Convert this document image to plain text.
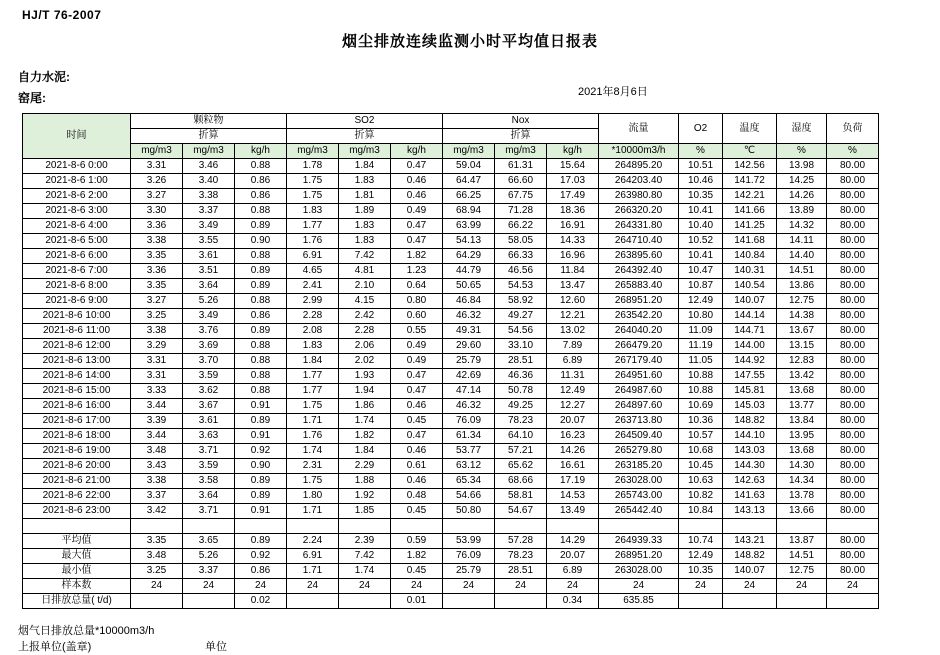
HJ/T 76-2007
烟尘排放连续监测小时平均值日报表
自力水泥:
窑尾:	2021年8月6日
时间	颗粒物			SO2			Nox			流量	O2	温度	湿度	负荷
	折算			折算			折算							
	mg/m3	mg/m3	kg/h	mg/m3	mg/m3	kg/h	mg/m3	mg/m3	kg/h	*10000m3/h	%	℃	%	%
2021-8-6 0:00	3.31	3.46	0.88	1.78	1.84	0.47	59.04	61.31	15.64	264895.20	10.51	142.56	13.98	80.00
2021-8-6 1:00	3.26	3.40	0.86	1.75	1.83	0.46	64.47	66.60	17.03	264203.40	10.46	141.72	14.25	80.00
2021-8-6 2:00	3.27	3.38	0.86	1.75	1.81	0.46	66.25	67.75	17.49	263980.80	10.35	142.21	14.26	80.00
2021-8-6 3:00	3.30	3.37	0.88	1.83	1.89	0.49	68.94	71.28	18.36	266320.20	10.41	141.66	13.89	80.00
2021-8-6 4:00	3.36	3.49	0.89	1.77	1.83	0.47	63.99	66.22	16.91	264331.80	10.40	141.25	14.32	80.00
2021-8-6 5:00	3.38	3.55	0.90	1.76	1.83	0.47	54.13	58.05	14.33	264710.40	10.52	141.68	14.11	80.00
2021-8-6 6:00	3.35	3.61	0.88	6.91	7.42	1.82	64.29	66.33	16.96	263895.60	10.41	140.84	14.40	80.00
2021-8-6 7:00	3.36	3.51	0.89	4.65	4.81	1.23	44.79	46.56	11.84	264392.40	10.47	140.31	14.51	80.00
2021-8-6 8:00	3.35	3.64	0.89	2.41	2.10	0.64	50.65	54.53	13.47	265883.40	10.87	140.54	13.86	80.00
2021-8-6 9:00	3.27	5.26	0.88	2.99	4.15	0.80	46.84	58.92	12.60	268951.20	12.49	140.07	12.75	80.00
2021-8-6 10:00	3.25	3.49	0.86	2.28	2.42	0.60	46.32	49.27	12.21	263542.20	10.80	144.14	14.38	80.00
2021-8-6 11:00	3.38	3.76	0.89	2.08	2.28	0.55	49.31	54.56	13.02	264040.20	11.09	144.71	13.67	80.00
2021-8-6 12:00	3.29	3.69	0.88	1.83	2.06	0.49	29.60	33.10	7.89	266479.20	11.19	144.00	13.15	80.00
2021-8-6 13:00	3.31	3.70	0.88	1.84	2.02	0.49	25.79	28.51	6.89	267179.40	11.05	144.92	12.83	80.00
2021-8-6 14:00	3.31	3.59	0.88	1.77	1.93	0.47	42.69	46.36	11.31	264951.60	10.88	147.55	13.42	80.00
2021-8-6 15:00	3.33	3.62	0.88	1.77	1.94	0.47	47.14	50.78	12.49	264987.60	10.88	145.81	13.68	80.00
2021-8-6 16:00	3.44	3.67	0.91	1.75	1.86	0.46	46.32	49.25	12.27	264897.60	10.69	145.03	13.77	80.00
2021-8-6 17:00	3.39	3.61	0.89	1.71	1.74	0.45	76.09	78.23	20.07	263713.80	10.36	148.82	13.84	80.00
2021-8-6 18:00	3.44	3.63	0.91	1.76	1.82	0.47	61.34	64.10	16.23	264509.40	10.57	144.10	13.95	80.00
2021-8-6 19:00	3.48	3.71	0.92	1.74	1.84	0.46	53.77	57.21	14.26	265279.80	10.68	143.03	13.68	80.00
2021-8-6 20:00	3.43	3.59	0.90	2.31	2.29	0.61	63.12	65.62	16.61	263185.20	10.45	144.30	14.30	80.00
2021-8-6 21:00	3.38	3.58	0.89	1.75	1.88	0.46	65.34	68.66	17.19	263028.00	10.63	142.63	14.34	80.00
2021-8-6 22:00	3.37	3.64	0.89	1.80	1.92	0.48	54.66	58.81	14.53	265743.00	10.82	141.63	13.78	80.00
2021-8-6 23:00	3.42	3.71	0.91	1.71	1.85	0.45	50.80	54.67	13.49	265442.40	10.84	143.13	13.66	80.00

平均值	3.35	3.65	0.89	2.24	2.39	0.59	53.99	57.28	14.29	264939.33	10.74	143.21	13.87	80.00
最大值	3.48	5.26	0.92	6.91	7.42	1.82	76.09	78.23	20.07	268951.20	12.49	148.82	14.51	80.00
最小值	3.25	3.37	0.86	1.71	1.74	0.45	25.79	28.51	6.89	263028.00	10.35	140.07	12.75	80.00
样本数	24	24	24	24	24	24	24	24	24	24	24	24	24	24
日排放总量( t/d)			0.02			0.01			0.34	635.85				
烟气日排放总量*10000m3/h
上报单位(盖章)	单位
